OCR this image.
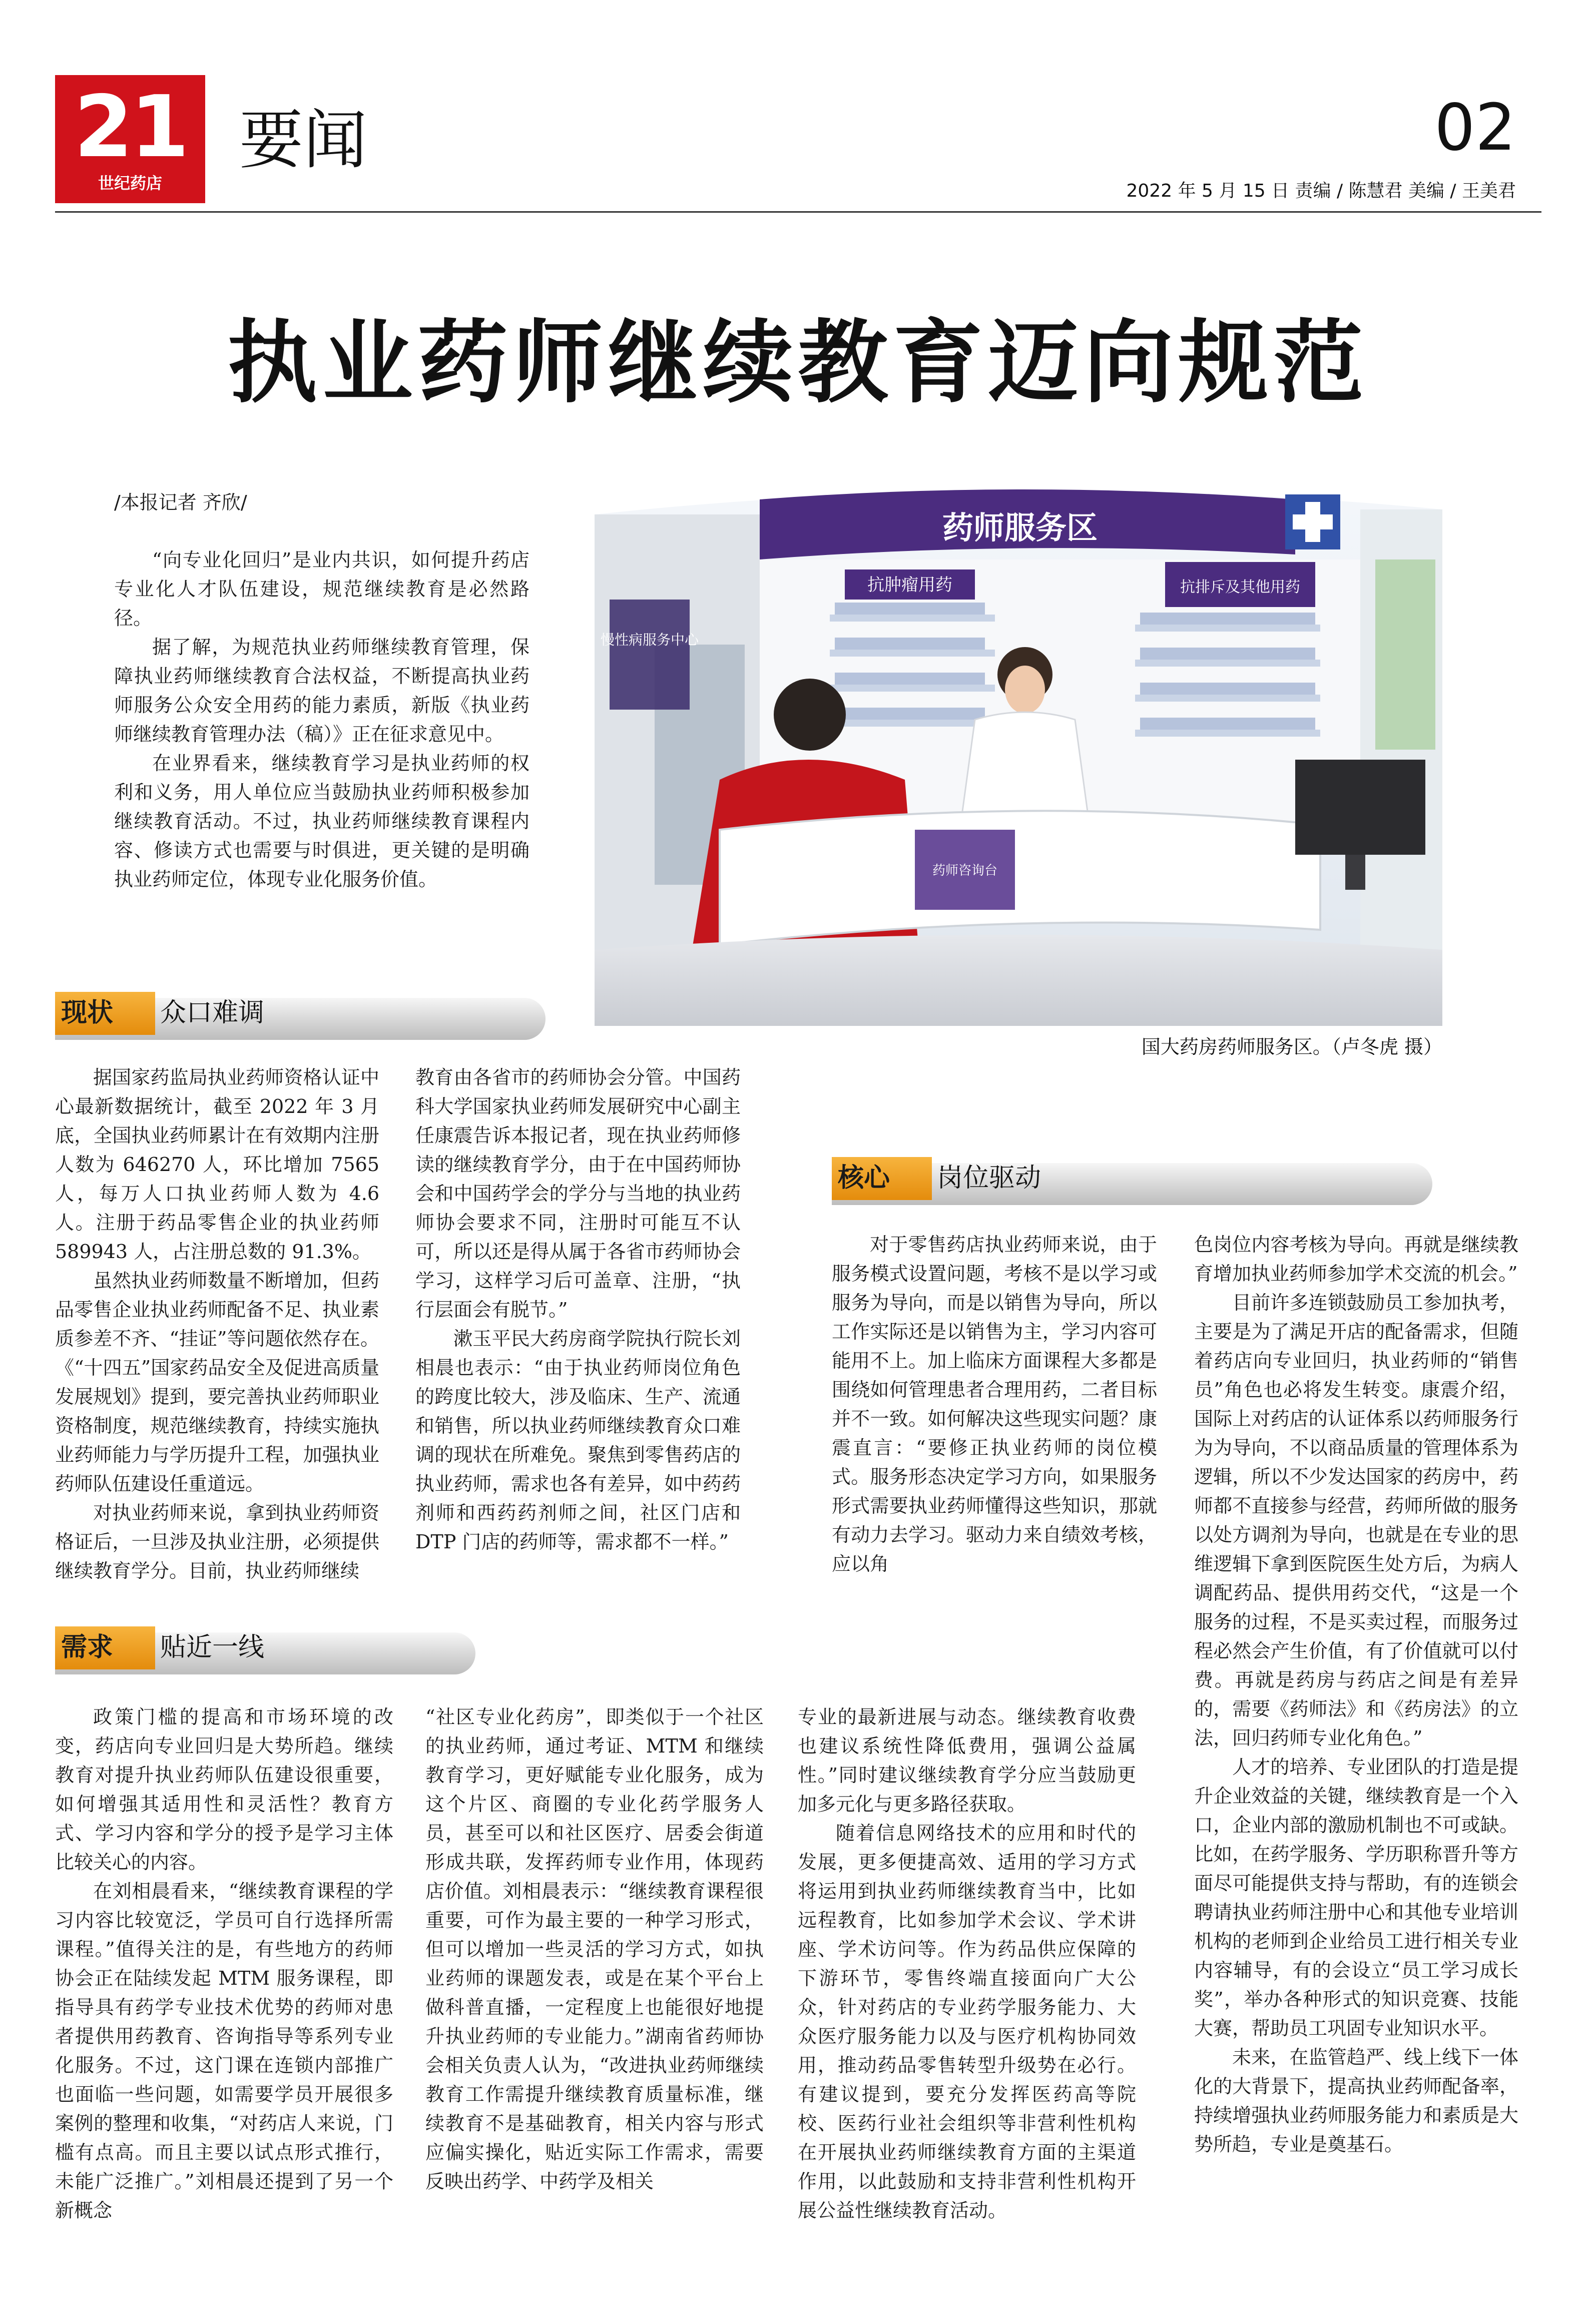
21
世纪药店
要闻	02
2022 年 5 月 15 日 责编 / 陈慧君 美编 / 王美君
执业药师继续教育迈向规范
/本报记者 齐欣/

“向专业化回归”是业内共识，如何提升药店专业化人才队伍建设，规范继续教育是必然路径。

据了解，为规范执业药师继续教育管理，保障执业药师继续教育合法权益，不断提高执业药师服务公众安全用药的能力素质，新版《执业药师继续教育管理办法（稿）》正在征求意见中。

在业界看来，继续教育学习是执业药师的权利和义务，用人单位应当鼓励执业药师积极参加继续教育活动。不过，执业药师继续教育课程内容、修读方式也需要与时俱进，更关键的是明确执业药师定位，体现专业化服务价值。

慢性病服务中心
药师服务区
抗肿瘤用药	抗排斥及其他用药
药师咨询台
国大药房药师服务区。（卢冬虎 摄）
现状 众口难调

据国家药监局执业药师资格认证中心最新数据统计，截至 2022 年 3 月底，全国执业药师累计在有效期内注册人数为 646270 人，环比增加 7565 人，每万人口执业药师人数为 4.6 人。注册于药品零售企业的执业药师 589943 人，占注册总数的 91.3%。

虽然执业药师数量不断增加，但药品零售企业执业药师配备不足、执业素质参差不齐、“挂证”等问题依然存在。《“十四五”国家药品安全及促进高质量发展规划》提到，要完善执业药师职业资格制度，规范继续教育，持续实施执业药师能力与学历提升工程，加强执业药师队伍建设任重道远。

对执业药师来说，拿到执业药师资格证后，一旦涉及执业注册，必须提供继续教育学分。目前，执业药师继续

教育由各省市的药师协会分管。中国药科大学国家执业药师发展研究中心副主任康震告诉本报记者，现在执业药师修读的继续教育学分，由于在中国药师协会和中国药学会的学分与当地的执业药师协会要求不同，注册时可能互不认可，所以还是得从属于各省市药师协会学习，这样学习后可盖章、注册，“执行层面会有脱节。”

漱玉平民大药房商学院执行院长刘相晨也表示：“由于执业药师岗位角色的跨度比较大，涉及临床、生产、流通和销售，所以执业药师继续教育众口难调的现状在所难免。聚焦到零售药店的执业药师，需求也各有差异，如中药药剂师和西药药剂师之间，社区门店和 DTP 门店的药师等，需求都不一样。”

核心 岗位驱动

对于零售药店执业药师来说，由于服务模式设置问题，考核不是以学习或服务为导向，而是以销售为导向，所以工作实际还是以销售为主，学习内容可能用不上。加上临床方面课程大多都是围绕如何管理患者合理用药，二者目标并不一致。如何解决这些现实问题？康震直言：“要修正执业药师的岗位模式。服务形态决定学习方向，如果服务形式需要执业药师懂得这些知识，那就有动力去学习。驱动力来自绩效考核，应以角

色岗位内容考核为导向。再就是继续教育增加执业药师参加学术交流的机会。”

目前许多连锁鼓励员工参加执考，主要是为了满足开店的配备需求，但随着药店向专业回归，执业药师的“销售员”角色也必将发生转变。康震介绍，国际上对药店的认证体系以药师服务行为为导向，不以商品质量的管理体系为逻辑，所以不少发达国家的药房中，药师都不直接参与经营，药师所做的服务以处方调剂为导向，也就是在专业的思维逻辑下拿到医院医生处方后，为病人调配药品、提供用药交代，“这是一个服务的过程，不是买卖过程，而服务过程必然会产生价值，有了价值就可以付费。再就是药房与药店之间是有差异的，需要《药师法》和《药房法》的立法，回归药师专业化角色。”

人才的培养、专业团队的打造是提升企业效益的关键，继续教育是一个入口，企业内部的激励机制也不可或缺。比如，在药学服务、学历职称晋升等方面尽可能提供支持与帮助，有的连锁会聘请执业药师注册中心和其他专业培训机构的老师到企业给员工进行相关专业内容辅导，有的会设立“员工学习成长奖”，举办各种形式的知识竞赛、技能大赛，帮助员工巩固专业知识水平。

未来，在监管趋严、线上线下一体化的大背景下，提高执业药师配备率，持续增强执业药师服务能力和素质是大势所趋，专业是奠基石。

需求 贴近一线

政策门槛的提高和市场环境的改变，药店向专业回归是大势所趋。继续教育对提升执业药师队伍建设很重要，如何增强其适用性和灵活性？教育方式、学习内容和学分的授予是学习主体比较关心的内容。

在刘相晨看来，“继续教育课程的学习内容比较宽泛，学员可自行选择所需课程。”值得关注的是，有些地方的药师协会正在陆续发起 MTM 服务课程，即指导具有药学专业技术优势的药师对患者提供用药教育、咨询指导等系列专业化服务。不过，这门课在连锁内部推广也面临一些问题，如需要学员开展很多案例的整理和收集，“对药店人来说，门槛有点高。而且主要以试点形式推行，未能广泛推广。”刘相晨还提到了另一个新概念

“社区专业化药房”，即类似于一个社区的执业药师，通过考证、MTM 和继续教育学习，更好赋能专业化服务，成为这个片区、商圈的专业化药学服务人员，甚至可以和社区医疗、居委会街道形成共联，发挥药师专业作用，体现药店价值。刘相晨表示：“继续教育课程很重要，可作为最主要的一种学习形式，但可以增加一些灵活的学习方式，如执业药师的课题发表，或是在某个平台上做科普直播，一定程度上也能很好地提升执业药师的专业能力。”湖南省药师协会相关负责人认为，“改进执业药师继续教育工作需提升继续教育质量标准，继续教育不是基础教育，相关内容与形式应偏实操化，贴近实际工作需求，需要反映出药学、中药学及相关

专业的最新进展与动态。继续教育收费也建议系统性降低费用，强调公益属性。”同时建议继续教育学分应当鼓励更加多元化与更多路径获取。

随着信息网络技术的应用和时代的发展，更多便捷高效、适用的学习方式将运用到执业药师继续教育当中，比如远程教育，比如参加学术会议、学术讲座、学术访问等。作为药品供应保障的下游环节，零售终端直接面向广大公众，针对药店的专业药学服务能力、大众医疗服务能力以及与医疗机构协同效用，推动药品零售转型升级势在必行。有建议提到，要充分发挥医药高等院校、医药行业社会组织等非营利性机构在开展执业药师继续教育方面的主渠道作用，以此鼓励和支持非营利性机构开展公益性继续教育活动。
